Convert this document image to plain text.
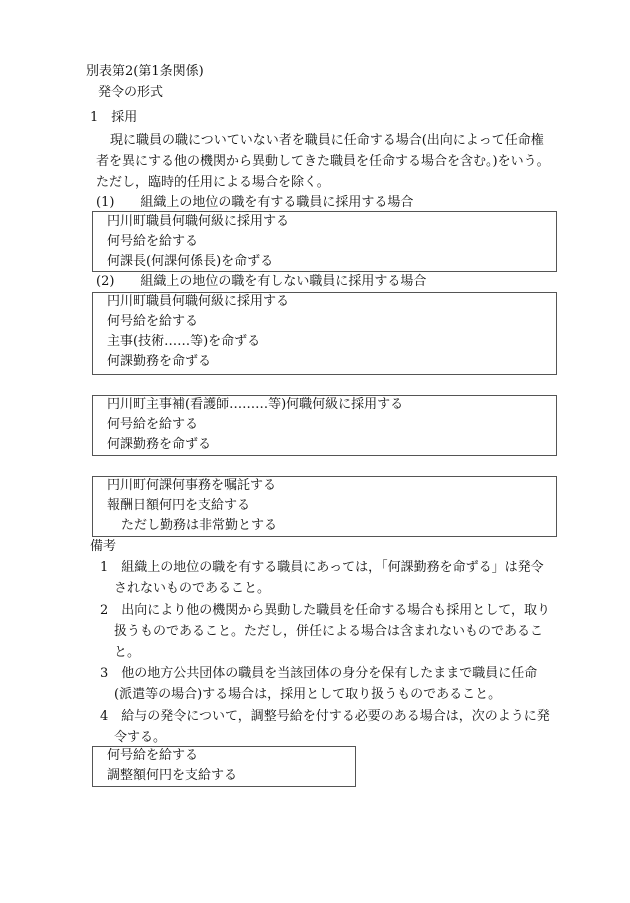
別表第2(第1条関係)
発令の形式
1　採用
現に職員の職についていない者を職員に任命する場合(出向によって任命権
者を異にする他の機関から異動してきた職員を任命する場合を含む。)をいう。
ただし，臨時的任用による場合を除く。
(1)　　組織上の地位の職を有する職員に採用する場合
円川町職員何職何級に採用する
何号給を給する
何課長(何課何係長)を命ずる
(2)　　組織上の地位の職を有しない職員に採用する場合
円川町職員何職何級に採用する
何号給を給する
主事(技術……等)を命ずる
何課勤務を命ずる
円川町主事補(看護師………等)何職何級に採用する
何号給を給する
何課勤務を命ずる
円川町何課何事務を嘱託する
報酬日額何円を支給する
ただし勤務は非常勤とする
備考
1　組織上の地位の職を有する職員にあっては，「何課勤務を命ずる」は発令
されないものであること。
2　出向により他の機関から異動した職員を任命する場合も採用として，取り
扱うものであること。ただし，併任による場合は含まれないものであるこ
と。
3　他の地方公共団体の職員を当該団体の身分を保有したままで職員に任命
(派遣等の場合)する場合は，採用として取り扱うものであること。
4　給与の発令について，調整号給を付する必要のある場合は，次のように発
令する。
何号給を給する
調整額何円を支給する
